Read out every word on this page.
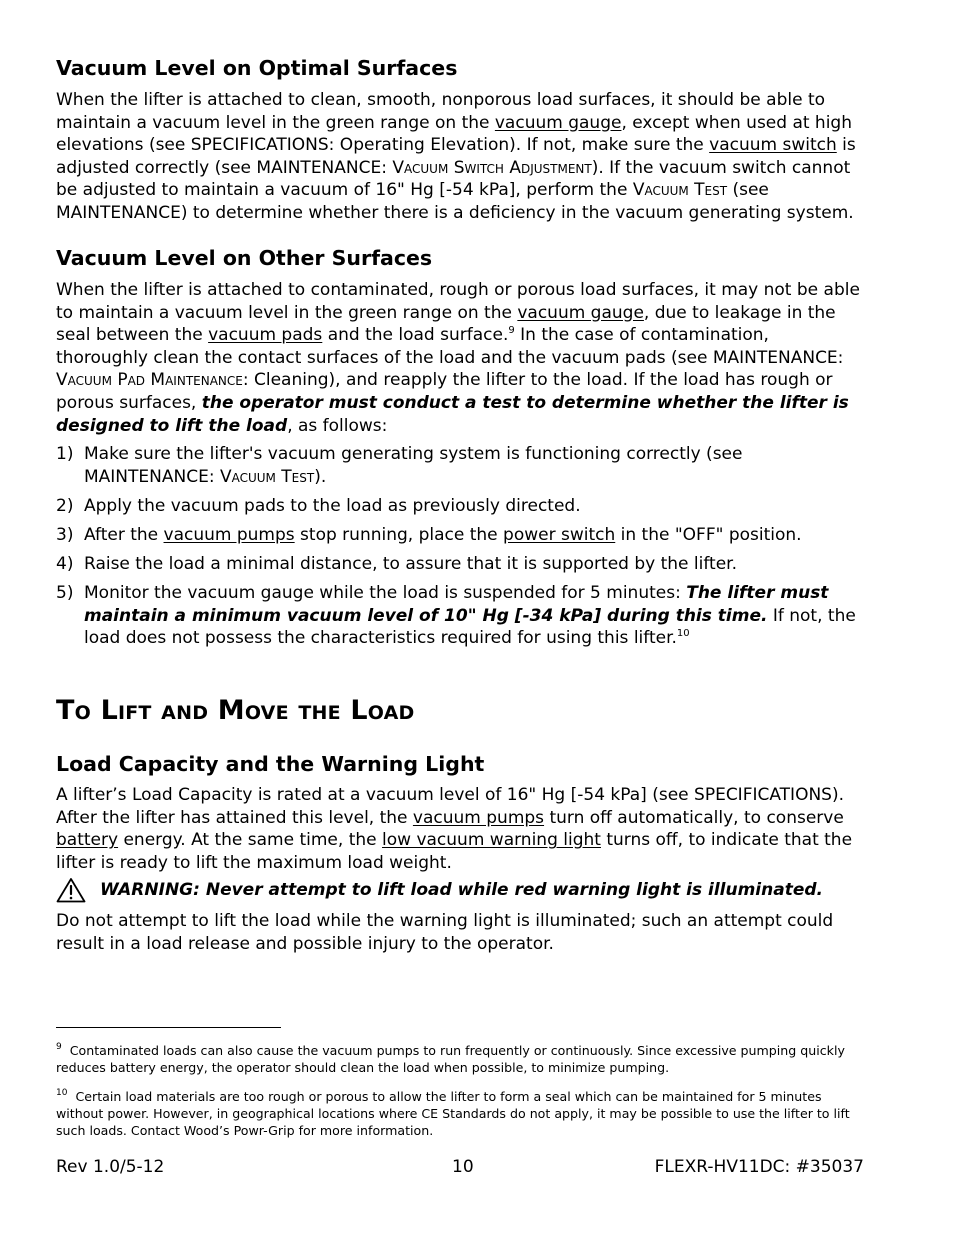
Vacuum Level on Optimal Surfaces

When the lifter is attached to clean, smooth, nonporous load surfaces, it should be able to maintain a vacuum level in the green range on the vacuum gauge, except when used at high elevations (see SPECIFICATIONS: Operating Elevation). If not, make sure the vacuum switch is adjusted correctly (see MAINTENANCE: Vacuum Switch Adjustment). If the vacuum switch cannot be adjusted to maintain a vacuum of 16" Hg [-54 kPa], perform the Vacuum Test (see MAINTENANCE) to determine whether there is a deficiency in the vacuum generating system.

Vacuum Level on Other Surfaces

When the lifter is attached to contaminated, rough or porous load surfaces, it may not be able to maintain a vacuum level in the green range on the vacuum gauge, due to leakage in the seal between the vacuum pads and the load surface.$^9$ In the case of contamination, thoroughly clean the contact surfaces of the load and the vacuum pads (see MAINTENANCE: Vacuum Pad Maintenance: Cleaning), and reapply the lifter to the load. If the load has rough or porous surfaces, the operator must conduct a test to determine whether the lifter is designed to lift the load, as follows:

1) Make sure the lifter's vacuum generating system is functioning correctly (see MAINTENANCE: Vacuum Test).
2) Apply the vacuum pads to the load as previously directed.
3) After the vacuum pumps stop running, place the power switch in the "OFF" position.
4) Raise the load a minimal distance, to assure that it is supported by the lifter.
5) Monitor the vacuum gauge while the load is suspended for 5 minutes: The lifter must maintain a minimum vacuum level of 10" Hg [-34 kPa] during this time. If not, the load does not possess the characteristics required for using this lifter.$^{10}$
To Lift and Move the Load
Load Capacity and the Warning Light

A lifter’s Load Capacity is rated at a vacuum level of 16" Hg [-54 kPa] (see SPECIFICATIONS). After the lifter has attained this level, the vacuum pumps turn off automatically, to conserve battery energy. At the same time, the low vacuum warning light turns off, to indicate that the lifter is ready to lift the maximum load weight.

WARNING: Never attempt to lift load while red warning light is illuminated.

Do not attempt to lift the load while the warning light is illuminated; such an attempt could result in a load release and possible injury to the operator.

$^9$ Contaminated loads can also cause the vacuum pumps to run frequently or continuously. Since excessive pumping quickly reduces battery energy, the operator should clean the load when possible, to minimize pumping.
$^{10}$ Certain load materials are too rough or porous to allow the lifter to form a seal which can be maintained for 5 minutes without power. However, in geographical locations where CE Standards do not apply, it may be possible to use the lifter to lift such loads. Contact Wood’s Powr-Grip for more information.
Rev 1.0/5-12	10	FLEXR-HV11DC: #35037
